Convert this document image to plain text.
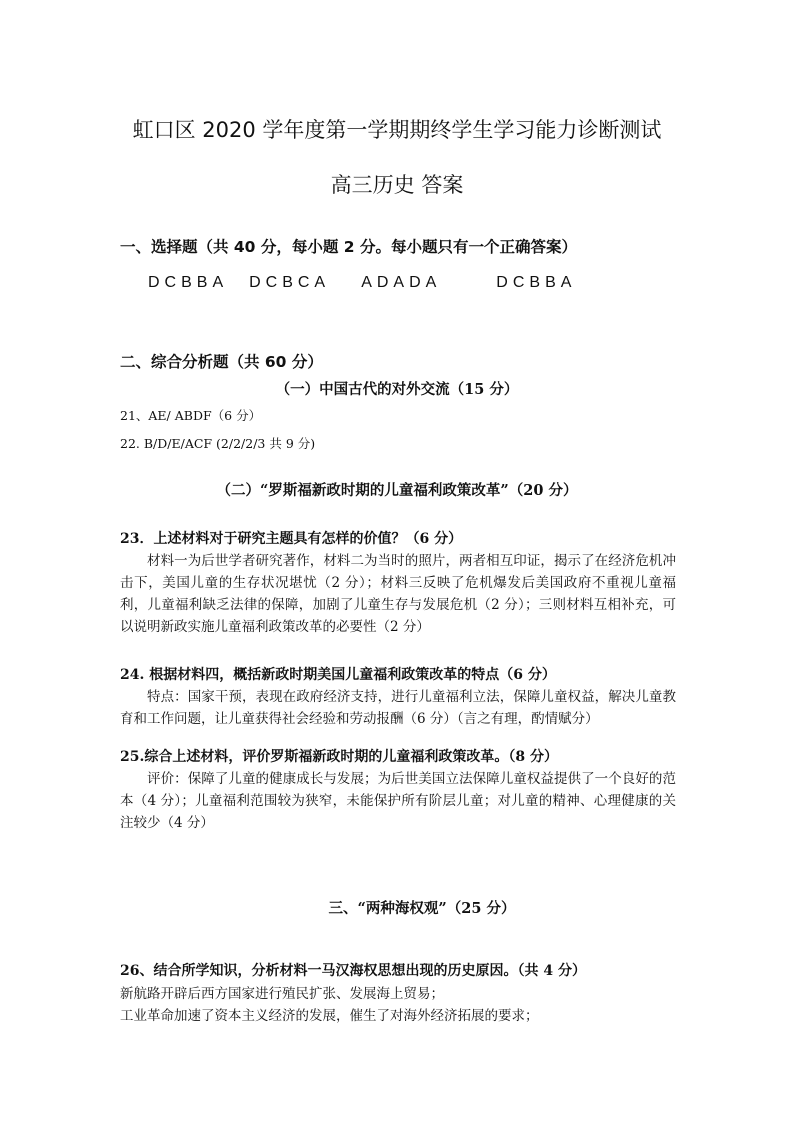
虹口区 2020 学年度第一学期期终学生学习能力诊断测试
高三历史 答案
一、选择题（共 40 分，每小题 2 分。每小题只有一个正确答案）
DCBBA DCBCA ADADA	DCBBA
二、综合分析题（共 60 分）
（一）中国古代的对外交流（15 分）
21、AE/ ABDF（6 分）
22. B/D/E/ACF (2/2/2/3 共 9 分)
（二）“罗斯福新政时期的儿童福利政策改革”（20 分）
23．上述材料对于研究主题具有怎样的价值？（6 分）
材料一为后世学者研究著作，材料二为当时的照片，两者相互印证，揭示了在经济危机冲击下，美国儿童的生存状况堪忧（2 分）；材料三反映了危机爆发后美国政府不重视儿童福利，儿童福利缺乏法律的保障，加剧了儿童生存与发展危机（2 分）；三则材料互相补充，可以说明新政实施儿童福利政策改革的必要性（2 分）
24. 根据材料四，概括新政时期美国儿童福利政策改革的特点（6 分）
特点：国家干预，表现在政府经济支持，进行儿童福利立法，保障儿童权益，解决儿童教育和工作问题，让儿童获得社会经验和劳动报酬（6 分）（言之有理，酌情赋分）
25.综合上述材料，评价罗斯福新政时期的儿童福利政策改革。（8 分）
评价：保障了儿童的健康成长与发展；为后世美国立法保障儿童权益提供了一个良好的范本（4 分）；儿童福利范围较为狭窄，未能保护所有阶层儿童；对儿童的精神、心理健康的关注较少（4 分）
三、“两种海权观”（25 分）
26、结合所学知识，分析材料一马汉海权思想出现的历史原因。（共 4 分）
新航路开辟后西方国家进行殖民扩张、发展海上贸易；
工业革命加速了资本主义经济的发展，催生了对海外经济拓展的要求；
